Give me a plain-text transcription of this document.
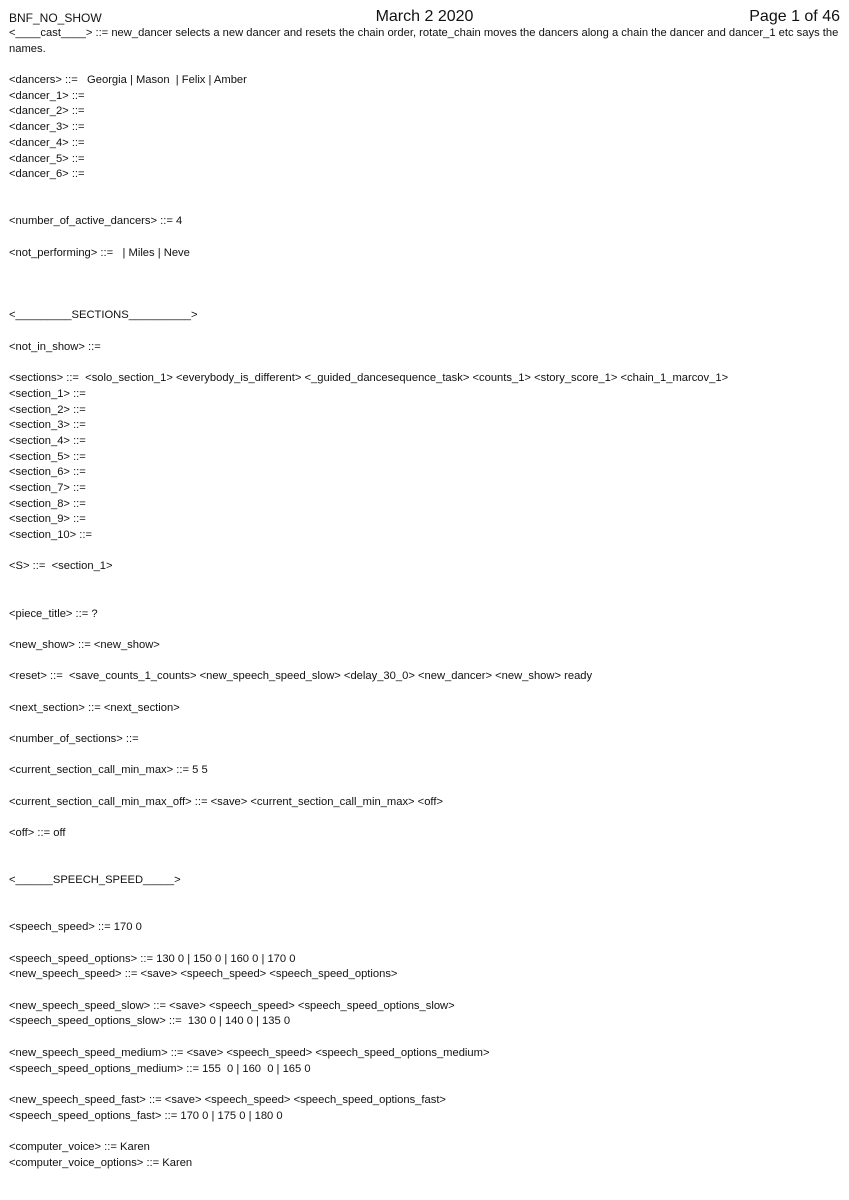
BNF_NO_SHOW	March 2 2020	Page 1 of 46
<____cast____> ::= new_dancer selects a new dancer and resets the chain order, rotate_chain moves the dancers along a chain the dancer and dancer_1 etc says the names.
<dancers> ::=   Georgia | Mason  | Felix | Amber
<dancer_1> ::=
<dancer_2> ::=
<dancer_3> ::=
<dancer_4> ::=
<dancer_5> ::=
<dancer_6> ::=
<number_of_active_dancers> ::= 4
<not_performing> ::=   | Miles | Neve
<_________SECTIONS__________>
<not_in_show> ::=
<sections> ::=  <solo_section_1> <everybody_is_different> <_guided_dancesequence_task> <counts_1> <story_score_1> <chain_1_marcov_1>
<section_1> ::=
<section_2> ::=
<section_3> ::=
<section_4> ::=
<section_5> ::=
<section_6> ::=
<section_7> ::=
<section_8> ::=
<section_9> ::=
<section_10> ::=
<S> ::=  <section_1>
<piece_title> ::= ?
<new_show> ::= <new_show>
<reset> ::=  <save_counts_1_counts> <new_speech_speed_slow> <delay_30_0> <new_dancer> <new_show> ready
<next_section> ::= <next_section>
<number_of_sections> ::=
<current_section_call_min_max> ::= 5 5
<current_section_call_min_max_off> ::= <save> <current_section_call_min_max> <off>
<off> ::= off
<______SPEECH_SPEED_____>
<speech_speed> ::= 170 0
<speech_speed_options> ::= 130 0 | 150 0 | 160 0 | 170 0
<new_speech_speed> ::= <save> <speech_speed> <speech_speed_options>
<new_speech_speed_slow> ::= <save> <speech_speed> <speech_speed_options_slow>
<speech_speed_options_slow> ::=  130 0 | 140 0 | 135 0
<new_speech_speed_medium> ::= <save> <speech_speed> <speech_speed_options_medium>
<speech_speed_options_medium> ::= 155  0 | 160  0 | 165 0
<new_speech_speed_fast> ::= <save> <speech_speed> <speech_speed_options_fast>
<speech_speed_options_fast> ::= 170 0 | 175 0 | 180 0
<computer_voice> ::= Karen
<computer_voice_options> ::= Karen
